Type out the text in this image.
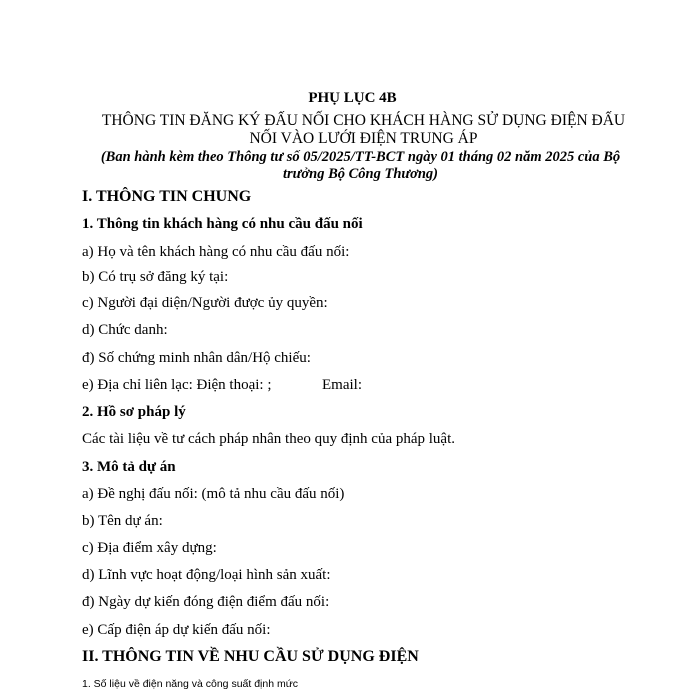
PHỤ LỤC 4B
THÔNG TIN ĐĂNG KÝ ĐẤU NỐI CHO KHÁCH HÀNG SỬ DỤNG ĐIỆN ĐẤU NỐI VÀO LƯỚI ĐIỆN TRUNG ÁP
(Ban hành kèm theo Thông tư số 05/2025/TT-BCT ngày 01 tháng 02 năm 2025 của Bộ trưởng Bộ Công Thương)
I. THÔNG TIN CHUNG
1. Thông tin khách hàng có nhu cầu đấu nối
a) Họ và tên khách hàng có nhu cầu đấu nối:
b) Có trụ sở đăng ký tại:
c) Người đại diện/Người được ủy quyền:
d) Chức danh:
đ) Số chứng minh nhân dân/Hộ chiếu:
e) Địa chỉ liên lạc: Điện thoại: ;	Email:
2. Hồ sơ pháp lý
Các tài liệu về tư cách pháp nhân theo quy định của pháp luật.
3. Mô tả dự án
a) Đề nghị đấu nối: (mô tả nhu cầu đấu nối)
b) Tên dự án:
c) Địa điểm xây dựng:
d) Lĩnh vực hoạt động/loại hình sản xuất:
đ) Ngày dự kiến đóng điện điểm đấu nối:
e) Cấp điện áp dự kiến đấu nối:
II. THÔNG TIN VỀ NHU CẦU SỬ DỤNG ĐIỆN
1. Số liệu về điện năng và công suất định mức
